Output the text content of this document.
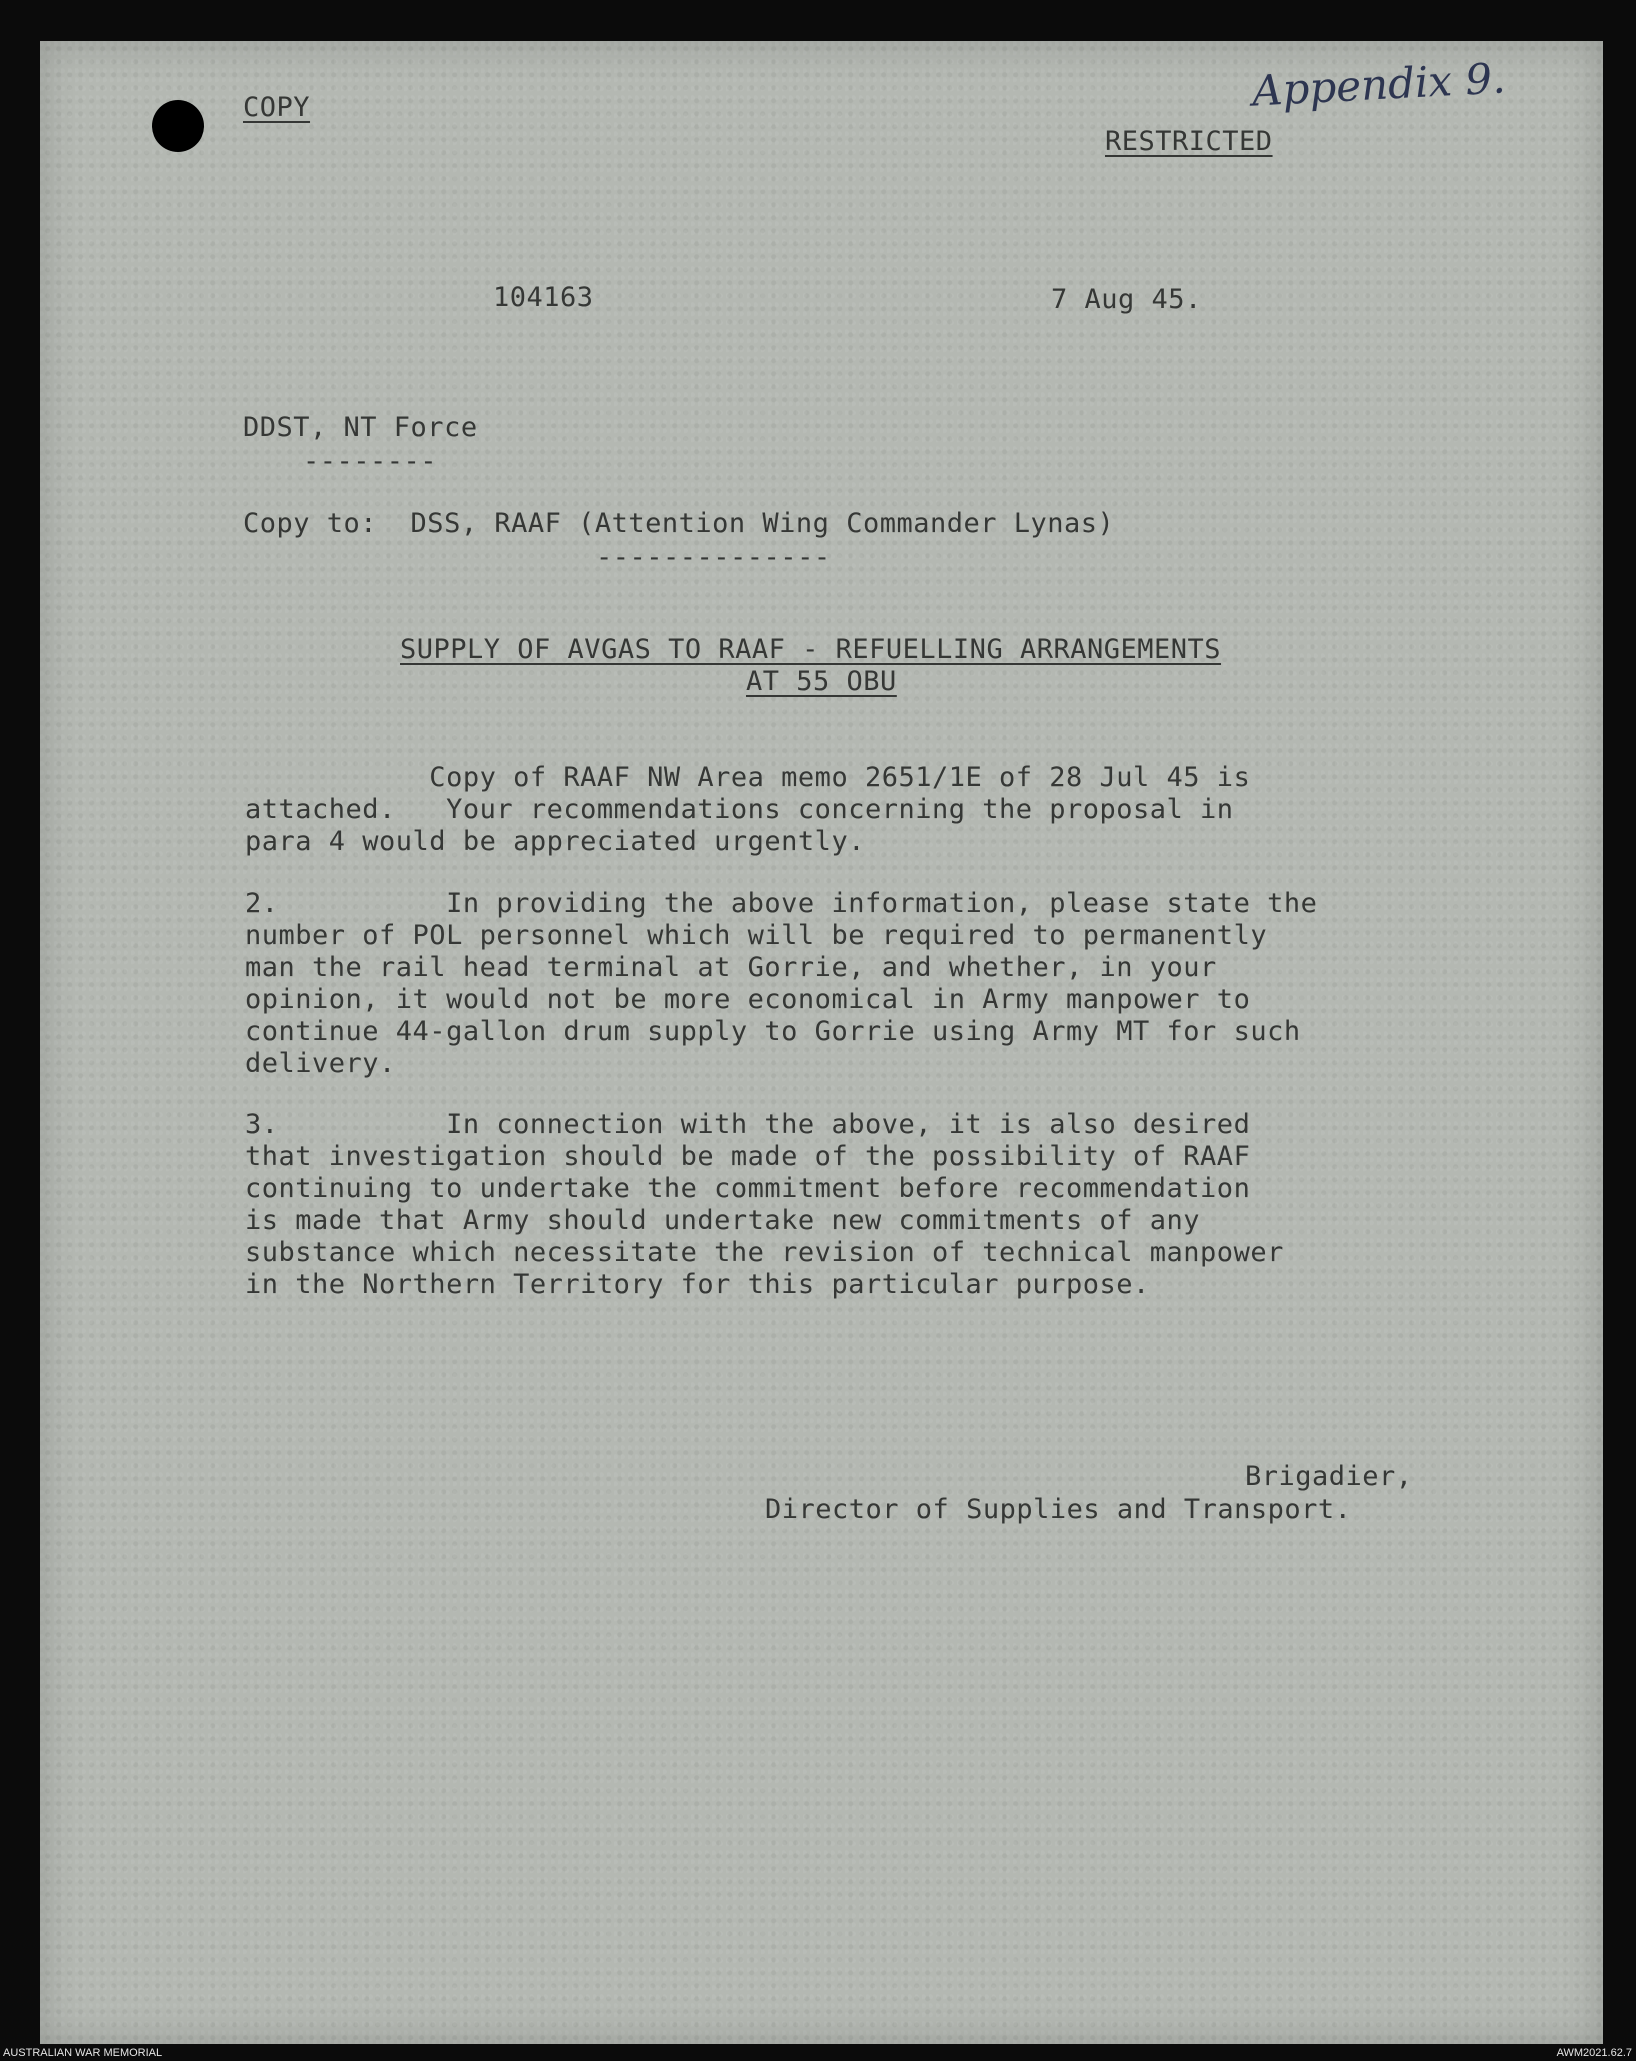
COPY	Appendix 9.

RESTRICTED

104163	7 Aug 45.

DDST, NT Force

--------

Copy to:  DSS, RAAF (Attention Wing Commander Lynas)

--------------

SUPPLY OF AVGAS TO RAAF - REFUELLING ARRANGEMENTS

AT 55 OBU

Copy of RAAF NW Area memo 2651/1E of 28 Jul 45 is
attached.   Your recommendations concerning the proposal in
para 4 would be appreciated urgently.
2.          In providing the above information, please state the
number of POL personnel which will be required to permanently
man the rail head terminal at Gorrie, and whether, in your
opinion, it would not be more economical in Army manpower to
continue 44-gallon drum supply to Gorrie using Army MT for such
delivery.
3.          In connection with the above, it is also desired
that investigation should be made of the possibility of RAAF
continuing to undertake the commitment before recommendation
is made that Army should undertake new commitments of any
substance which necessitate the revision of technical manpower
in the Northern Territory for this particular purpose.

Brigadier,

Director of Supplies and Transport.

AUSTRALIAN WAR MEMORIAL	AWM2021.62.7
